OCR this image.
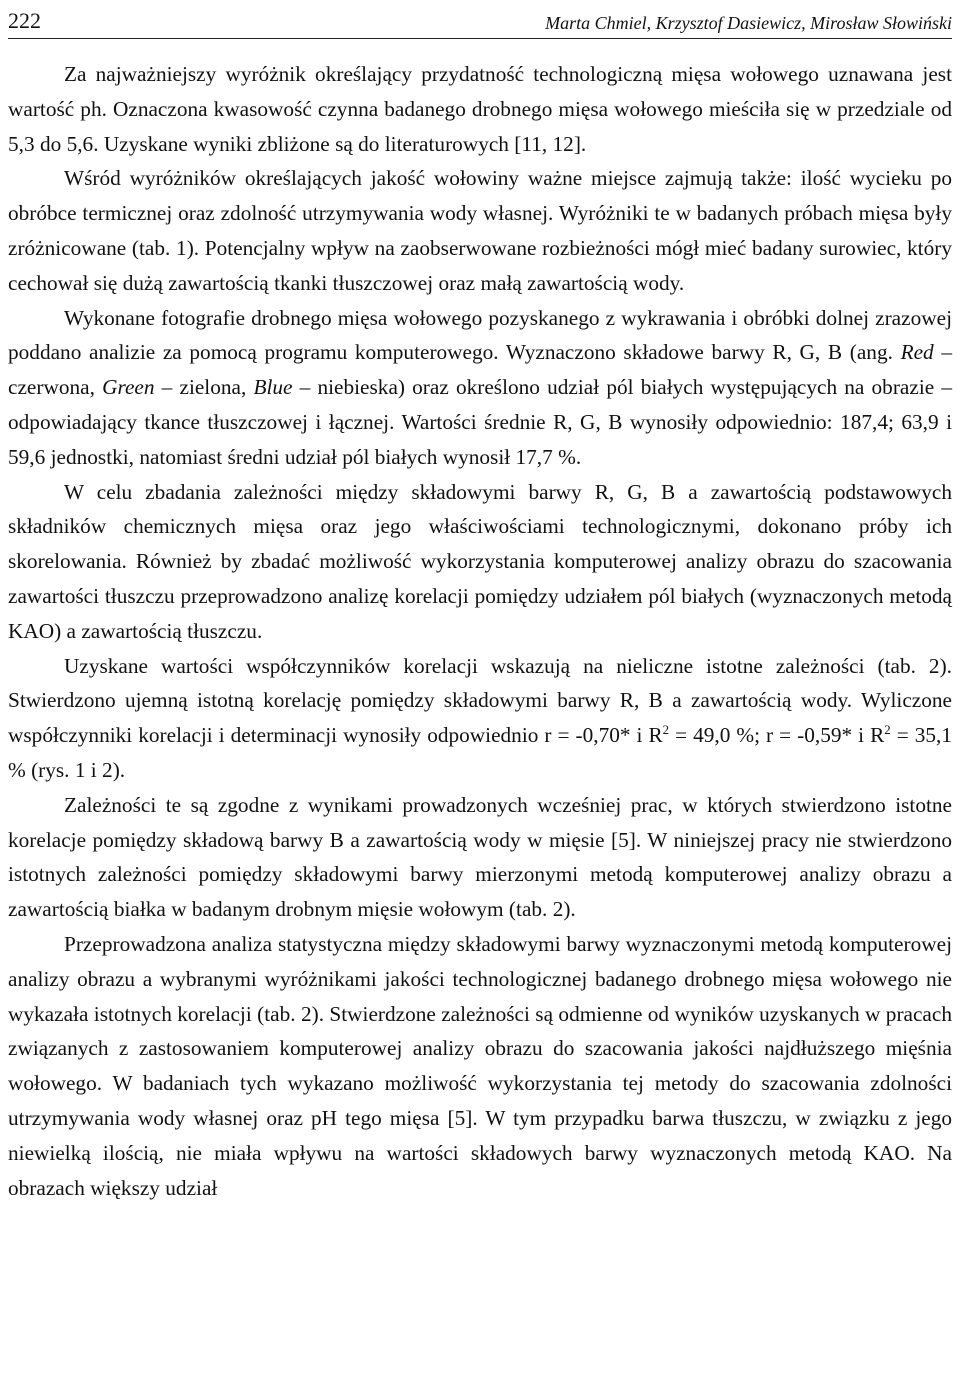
222	Marta Chmiel, Krzysztof Dasiewicz, Mirosław Słowiński

Za najważniejszy wyróżnik określający przydatność technologiczną mięsa wołowego uznawana jest wartość ph. Oznaczona kwasowość czynna badanego drobnego mięsa wołowego mieściła się w przedziale od 5,3 do 5,6. Uzyskane wyniki zbliżone są do literaturowych [11, 12].

Wśród wyróżników określających jakość wołowiny ważne miejsce zajmują także: ilość wycieku po obróbce termicznej oraz zdolność utrzymywania wody własnej. Wyróżniki te w badanych próbach mięsa były zróżnicowane (tab. 1). Potencjalny wpływ na zaobserwowane rozbieżności mógł mieć badany surowiec, który cechował się dużą zawartością tkanki tłuszczowej oraz małą zawartością wody.

Wykonane fotografie drobnego mięsa wołowego pozyskanego z wykrawania i obróbki dolnej zrazowej poddano analizie za pomocą programu komputerowego. Wyznaczono składowe barwy R, G, B (ang. Red – czerwona, Green – zielona, Blue – niebieska) oraz określono udział pól białych występujących na obrazie – odpowiadający tkance tłuszczowej i łącznej. Wartości średnie R, G, B wynosiły odpowiednio: 187,4; 63,9 i 59,6 jednostki, natomiast średni udział pól białych wynosił 17,7 %.

W celu zbadania zależności między składowymi barwy R, G, B a zawartością podstawowych składników chemicznych mięsa oraz jego właściwościami technologicznymi, dokonano próby ich skorelowania. Również by zbadać możliwość wykorzystania komputerowej analizy obrazu do szacowania zawartości tłuszczu przeprowadzono analizę korelacji pomiędzy udziałem pól białych (wyznaczonych metodą KAO) a zawartością tłuszczu.

Uzyskane wartości współczynników korelacji wskazują na nieliczne istotne zależności (tab. 2). Stwierdzono ujemną istotną korelację pomiędzy składowymi barwy R, B a zawartością wody. Wyliczone współczynniki korelacji i determinacji wynosiły odpowiednio r = -0,70* i $R^2 = 49,0$ %; r = -0,59* i $R^2 = 35,1$ % (rys. 1 i 2).

Zależności te są zgodne z wynikami prowadzonych wcześniej prac, w których stwierdzono istotne korelacje pomiędzy składową barwy B a zawartością wody w mięsie [5]. W niniejszej pracy nie stwierdzono istotnych zależności pomiędzy składowymi barwy mierzonymi metodą komputerowej analizy obrazu a zawartością białka w badanym drobnym mięsie wołowym (tab. 2).

Przeprowadzona analiza statystyczna między składowymi barwy wyznaczonymi metodą komputerowej analizy obrazu a wybranymi wyróżnikami jakości technologicznej badanego drobnego mięsa wołowego nie wykazała istotnych korelacji (tab. 2). Stwierdzone zależności są odmienne od wyników uzyskanych w pracach związanych z zastosowaniem komputerowej analizy obrazu do szacowania jakości najdłuższego mięśnia wołowego. W badaniach tych wykazano możliwość wykorzystania tej metody do szacowania zdolności utrzymywania wody własnej oraz pH tego mięsa [5]. W tym przypadku barwa tłuszczu, w związku z jego niewielką ilością, nie miała wpływu na wartości składowych barwy wyznaczonych metodą KAO. Na obrazach większy udział
